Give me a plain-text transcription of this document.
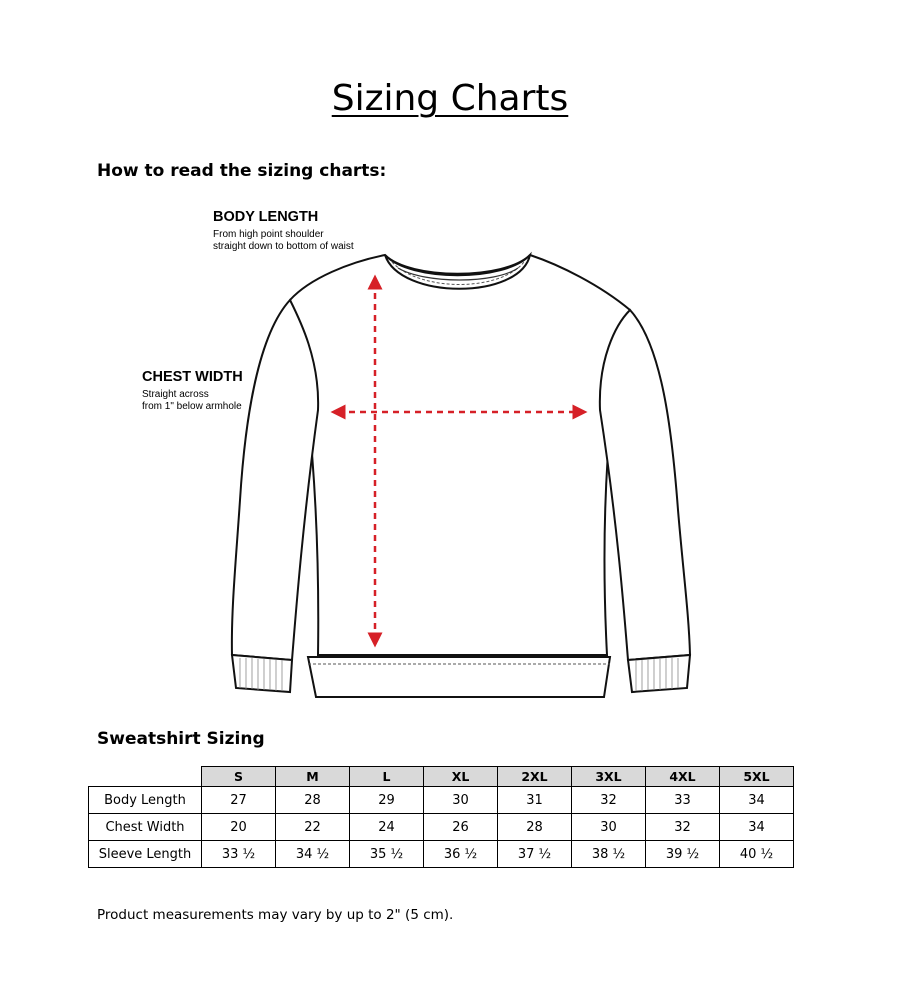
Sizing Charts
How to read the sizing charts:
BODY LENGTH
From high point shoulder
straight down to bottom of waist
CHEST WIDTH
Straight across
from 1" below armhole
Sweatshirt Sizing
	S	M	L	XL	2XL	3XL	4XL	5XL
Body Length	27	28	29	30	31	32	33	34
Chest Width	20	22	24	26	28	30	32	34
Sleeve Length	33 ½	34 ½	35 ½	36 ½	37 ½	38 ½	39 ½	40 ½
Product measurements may vary by up to 2" (5 cm).
